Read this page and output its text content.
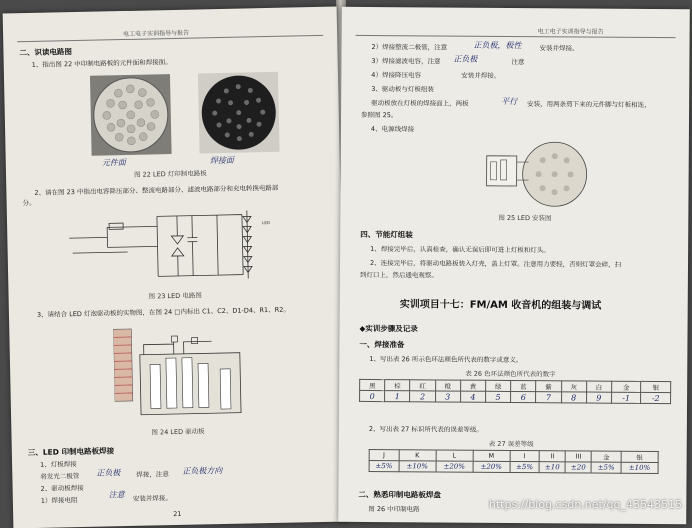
电工电子实训指导与报告
二、识读电路图
1、指出图 22 中印制电路板的元件面和焊接面。
元件面	焊接面
图 22 LED 灯印制电路板
2、请在图 23 中指出电容降压部分、整流电路部分、滤波电路部分和充电转换电路部
分。
LED
图 23 LED 电路图
3、请结合 LED 灯泡驱动板的实物图，在图 24 □内标出 C1、C2、D1-D4、R1、R2。
图 24 LED 驱动板
三、LED 印制电路板焊接
1、灯板焊接
将发光二极管 正负极 焊接，注意 正负极方向
2、驱动板焊接
1）焊接电阻
注意 安装并焊接。
21
电工电子实训指导与报告
2）焊接整流二极管，注意	正负极，极性	安装并焊接。
3）焊接滤波电容，注意 正负极	注意
4）焊接降压电容	安装并焊接。
3、驱动板与灯板组装
驱动板放在灯板的焊接面上，两板	平行 安装，用两条剪下来的元件脚与灯板相连，
参照图 25。
4、电源线焊接
图 25 LED 安装图
四、节能灯组装
1、焊接完毕后，认真检查，确认无误后即可进上灯板和灯头。
2、连接完毕后，将驱动电路板装入灯壳，盖上灯罩。注意用力要轻，否则灯罩会碎，扫
到灯口上，然后通电观察。
实训项目十七：FM/AM 收音机的组装与调试
◆实训步骤及记录
一、焊接准备
1、写出表 26 所示色环法颜色所代表的数字或意义。
表 26 色环法颜色所代表的数字
黑	棕	红	橙	黄	绿	蓝	紫	灰	白	金	银
0	1	2	3	4	5	6	7	8	9	-1	-2
2、写出表 27 标识所代表的误差等级。
表 27 误差等级
J	K	L	M	I	II	III	金	银
±5%	±10%	±20%	±20%	±5%	±10	±20	±5%	±10%
二、熟悉印制电路板焊盘
图 26 中印制电路	https://blog.csdn.net/qq_43543515
